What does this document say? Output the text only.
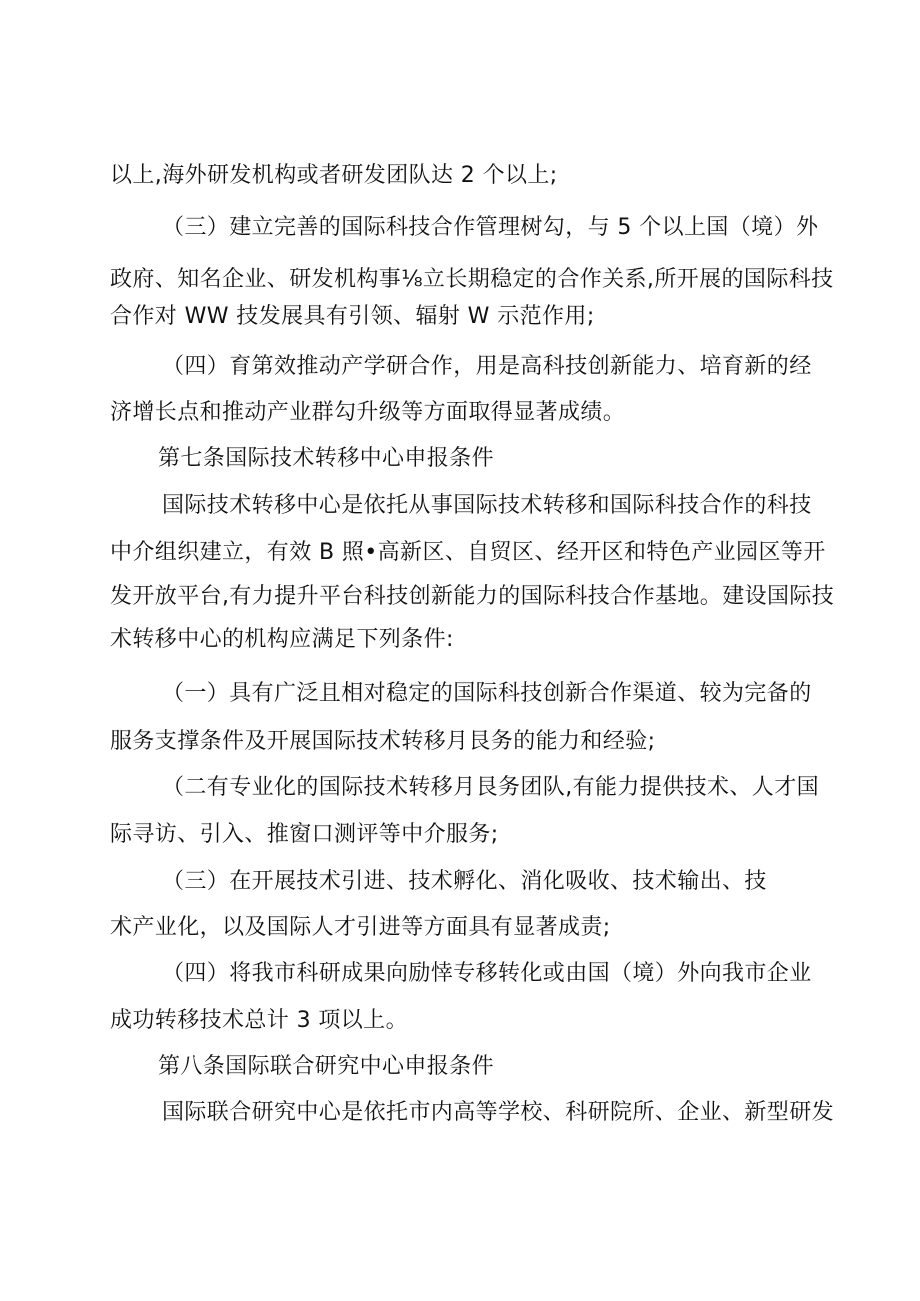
以上,海外研发机构或者研发团队达 2 个以上;
（三）建立完善的国际科技合作管理树勾，与 5 个以上国（境）外
政府、知名企业、研发机构事⅛立长期稳定的合作关系,所开展的国际科技
合作对 WW 技发展具有引领、辐射 W 示范作用;
（四）育第效推动产学研合作，用是高科技创新能力、培育新的经
济增长点和推动产业群勾升级等方面取得显著成绩。
第七条国际技术转移中心申报条件
国际技术转移中心是依托从事国际技术转移和国际科技合作的科技
中介组织建立，有效 B 照•高新区、自贸区、经开区和特色产业园区等开
发开放平台,有力提升平台科技创新能力的国际科技合作基地。建设国际技
术转移中心的机构应满足下列条件:
（一）具有广泛且相对稳定的国际科技创新合作渠道、较为完备的
服务支撑条件及开展国际技术转移月艮务的能力和经验;
（二有专业化的国际技术转移月艮务团队,有能力提供技术、人才国
际寻访、引入、推窗口测评等中介服务;
（三）在开展技术引进、技术孵化、消化吸收、技术输出、技
术产业化，以及国际人才引进等方面具有显著成责;
（四）将我市科研成果向励悻专移转化或由国（境）外向我市企业
成功转移技术总计 3 项以上。
第八条国际联合研究中心申报条件
国际联合研究中心是依托市内高等学校、科研院所、企业、新型研发
